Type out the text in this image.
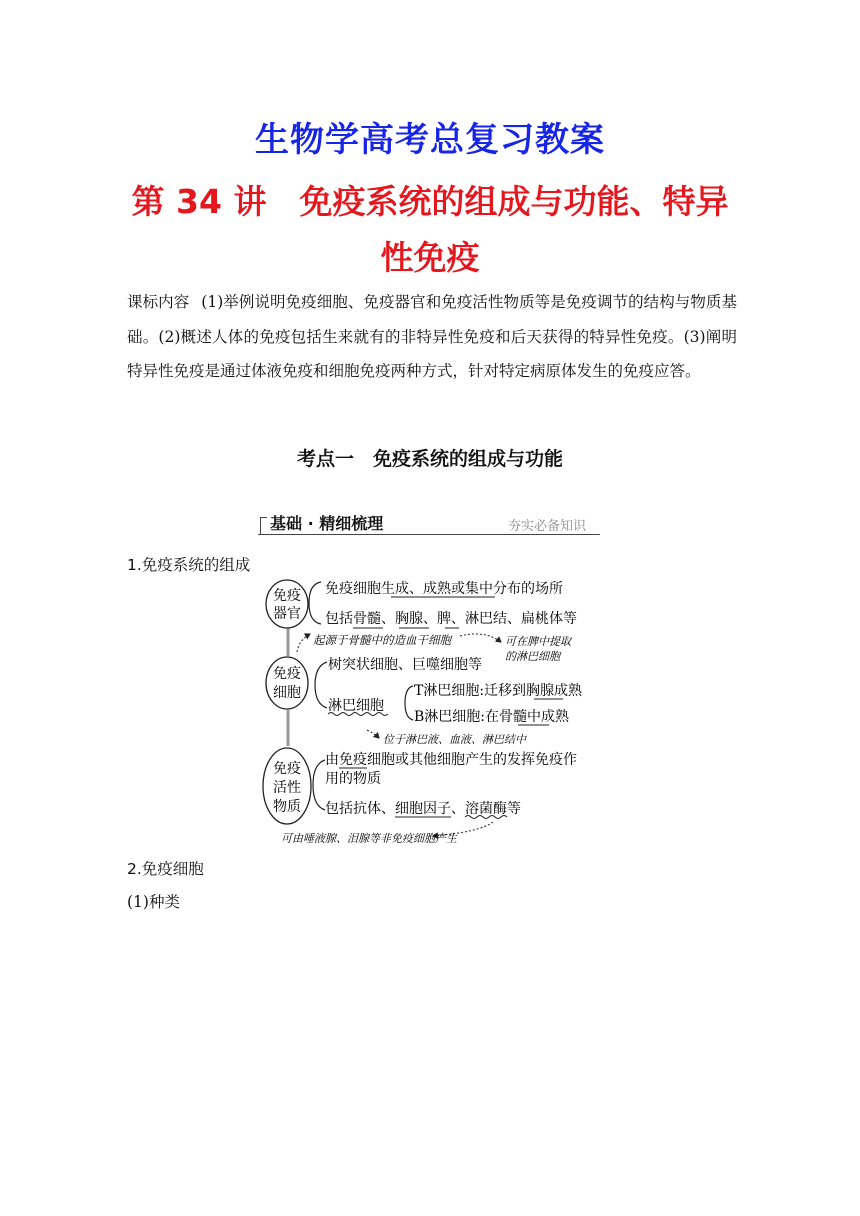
生物学高考总复习教案
第 34 讲　免疫系统的组成与功能、特异
性免疫
课标内容 (1)举例说明免疫细胞、免疫器官和免疫活性物质等是免疫调节的结构与物质基础。(2)概述人体的免疫包括生来就有的非特异性免疫和后天获得的特异性免疫。(3)阐明特异性免疫是通过体液免疫和细胞免疫两种方式，针对特定病原体发生的免疫应答。
考点一　免疫系统的组成与功能
基础 · 精细梳理	夯实必备知识
1.免疫系统的组成
免疫
器官
免疫细胞生成、成熟或集中分布的场所
包括骨髓、胸腺、脾、淋巴结、扁桃体等
起源于骨髓中的造血干细胞	可在脾中提取
的淋巴细胞
免疫
细胞
树突状细胞、巨噬细胞等
淋巴细胞
T淋巴细胞:迁移到胸腺成熟
B淋巴细胞:在骨髓中成熟
位于淋巴液、血液、淋巴结中
免疫
活性
物质
由免疫细胞或其他细胞产生的发挥免疫作
用的物质
包括抗体、细胞因子、溶菌酶等
可由唾液腺、泪腺等非免疫细胞产生
2.免疫细胞
(1)种类
